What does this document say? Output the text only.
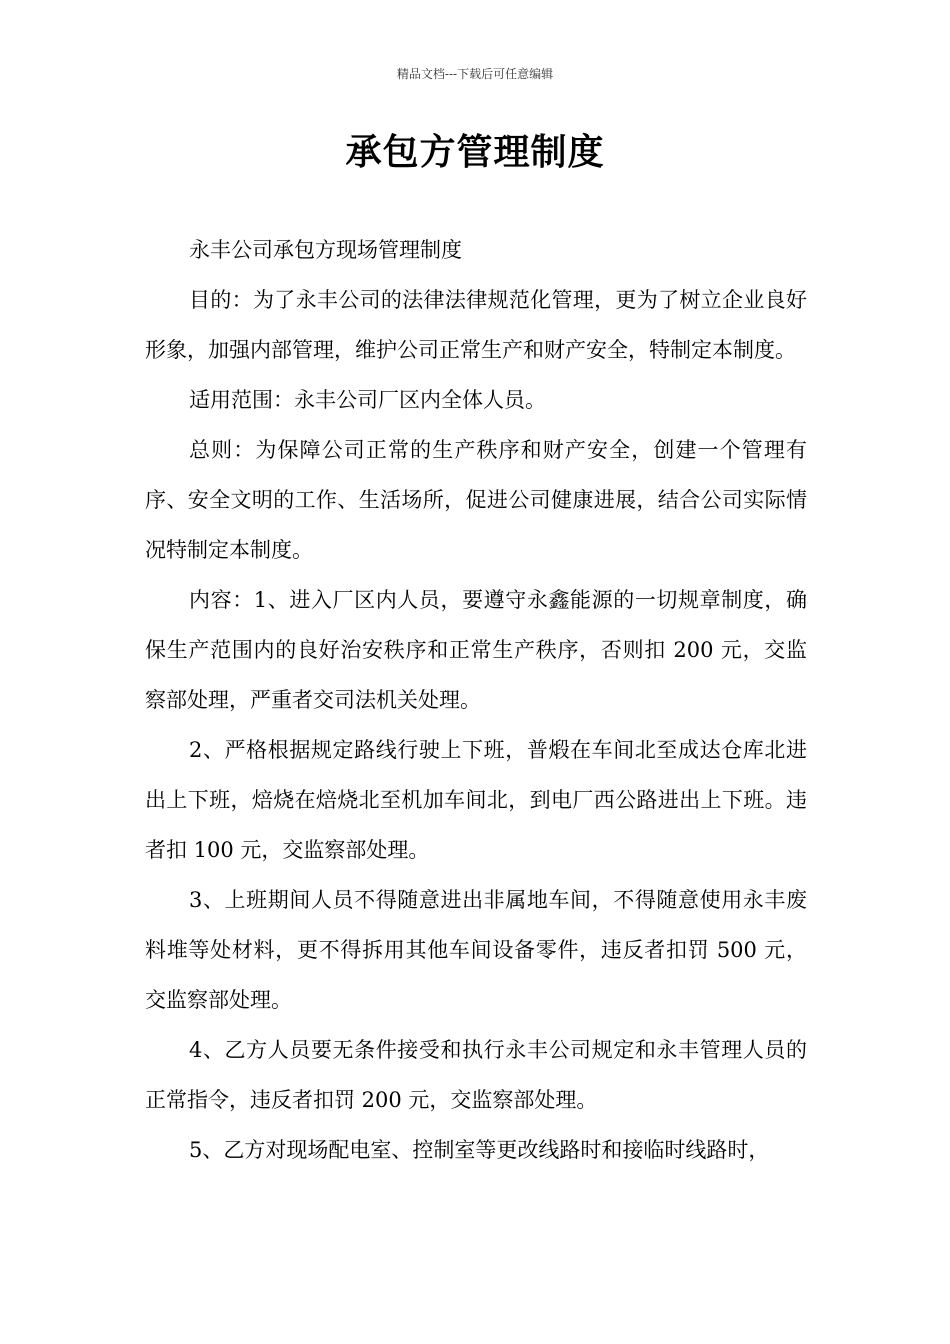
精品文档---下载后可任意编辑
承包方管理制度

永丰公司承包方现场管理制度

目的：为了永丰公司的法律法律规范化管理，更为了树立企业良好形象，加强内部管理，维护公司正常生产和财产安全，特制定本制度。

适用范围：永丰公司厂区内全体人员。

总则：为保障公司正常的生产秩序和财产安全，创建一个管理有序、安全文明的工作、生活场所，促进公司健康进展，结合公司实际情况特制定本制度。

内容：1、进入厂区内人员，要遵守永鑫能源的一切规章制度，确保生产范围内的良好治安秩序和正常生产秩序，否则扣 200 元，交监察部处理，严重者交司法机关处理。

2、严格根据规定路线行驶上下班，普煅在车间北至成达仓库北进出上下班，焙烧在焙烧北至机加车间北，到电厂西公路进出上下班。违者扣 100 元，交监察部处理。

3、上班期间人员不得随意进出非属地车间，不得随意使用永丰废料堆等处材料，更不得拆用其他车间设备零件，违反者扣罚 500 元，交监察部处理。

4、乙方人员要无条件接受和执行永丰公司规定和永丰管理人员的正常指令，违反者扣罚 200 元，交监察部处理。

5、乙方对现场配电室、控制室等更改线路时和接临时线路时，
